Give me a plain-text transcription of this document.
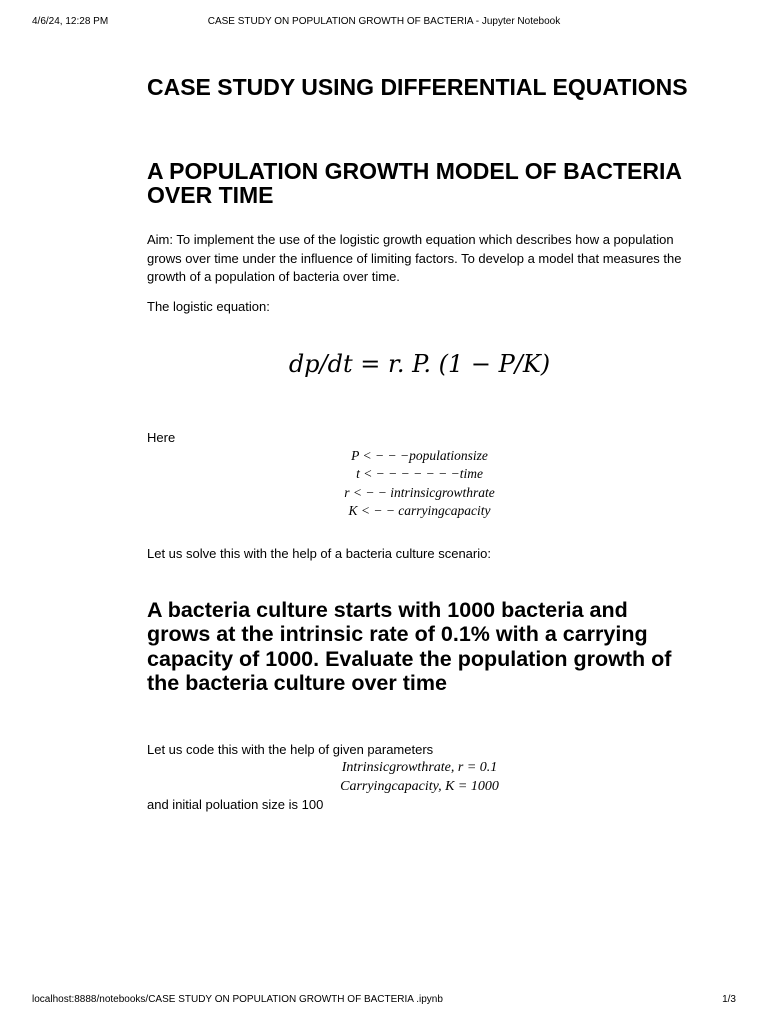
4/6/24, 12:28 PM	CASE STUDY ON POPULATION GROWTH OF BACTERIA - Jupyter Notebook
CASE STUDY USING DIFFERENTIAL EQUATIONS
A POPULATION GROWTH MODEL OF BACTERIA OVER TIME

Aim: To implement the use of the logistic growth equation which describes how a population grows over time under the influence of limiting factors. To develop a model that measures the growth of a population of bacteria over time.

The logistic equation:

dp/dt = r. P. (1 − P/K)

Here

P < − − −populationsize
t < − − − − − − −time
r < − − intrinsicgrowthrate
K < − − carryingcapacity

Let us solve this with the help of a bacteria culture scenario:

A bacteria culture starts with 1000 bacteria and grows at the intrinsic rate of 0.1% with a carrying capacity of 1000. Evaluate the population growth of the bacteria culture over time

Let us code this with the help of given parameters

Intrinsicgrowthrate, r = 0.1
Carryingcapacity, K = 1000

and initial poluation size is 100

localhost:8888/notebooks/CASE STUDY ON POPULATION GROWTH OF BACTERIA .ipynb	1/3
